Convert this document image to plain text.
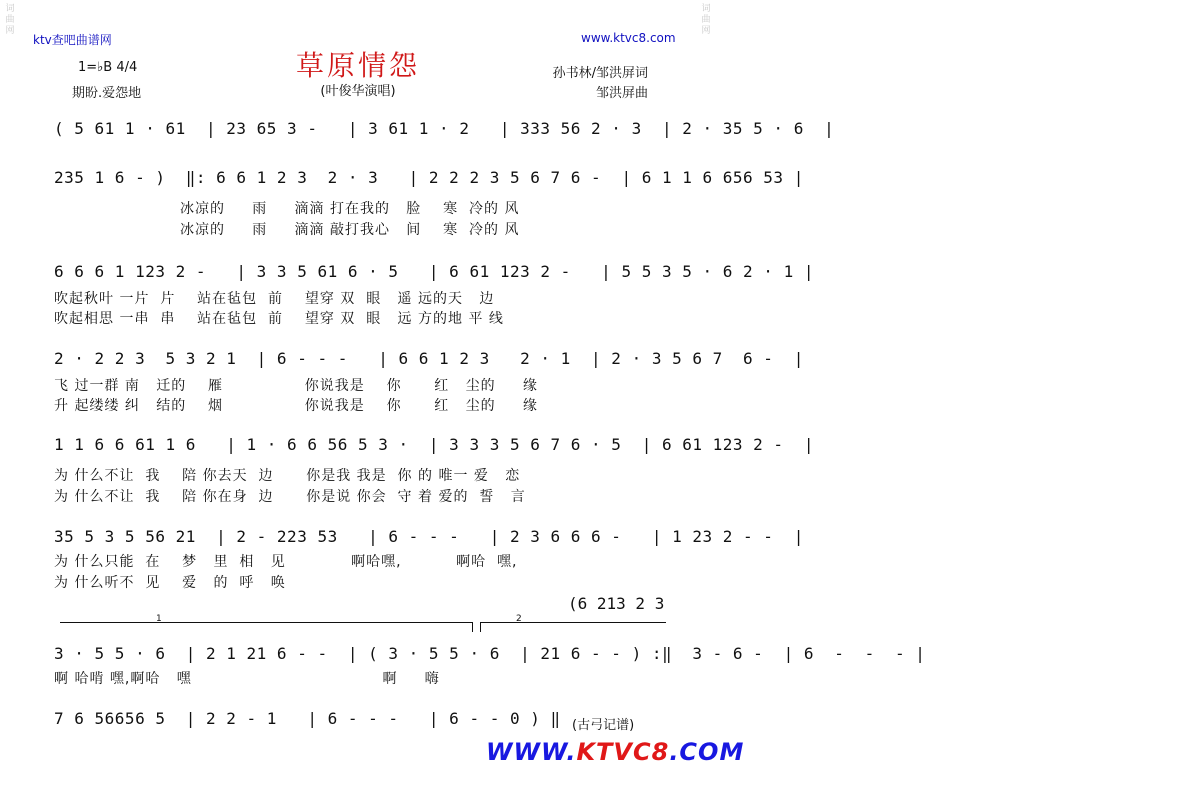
词
曲
网
词
曲
网
ktv查吧曲谱网	www.ktvc8.com
草原情怨
(叶俊华演唱)
1=♭B 4/4
期盼.爱怨地
孙书林/邹洪屏词
邹洪屏曲
( 5 61 1 · 61  | 23 65 3 -   | 3 61 1 · 2   | 333 56 2 · 3  | 2 · 35 5 · 6  |
235 1 6 - )  ‖: 6 6 1 2 3  2 · 3   | 2 2 2 3 5 6 7 6 -  | 6 1 1 6 656 53 |
冰凉的     雨     滴滴 打在我的   脸    寒  冷的 风
冰凉的     雨     滴滴 敲打我心   间    寒  冷的 风
6 6 6 1 123 2 -   | 3 3 5 61 6 · 5   | 6 61 123 2 -   | 5 5 3 5 · 6 2 · 1 |
吹起秋叶 一片  片    站在毡包  前    望穿 双  眼   遥 远的天   边
吹起相思 一串  串    站在毡包  前    望穿 双  眼   远 方的地 平 线
2 · 2 2 3  5 3 2 1  | 6 - - -   | 6 6 1 2 3   2 · 1  | 2 · 3 5 6 7  6 -  |
飞 过一群 南   迁的    雁               你说我是    你      红   尘的     缘
升 起缕缕 纠   结的    烟               你说我是    你      红   尘的     缘
1 1 6 6 61 1 6   | 1 · 6 6 56 5 3 ·  | 3 3 3 5 6 7 6 · 5  | 6 61 123 2 -  |
为 什么不让  我    陪 你去天  边      你是我 我是  你 的 唯一 爱   恋
为 什么不让  我    陪 你在身  边      你是说 你会  守 着 爱的  誓   言
35 5 3 5 56 21  | 2 - 223 53   | 6 - - -   | 2 3 6 6 6 -   | 1 23 2 - -  |
为 什么只能  在    梦   里  相   见            啊哈嘿,          啊哈  嘿,
为 什么听不  见    爱   的  呼   唤
(6 213 2 3
1	2
3 · 5 5 · 6  | 2 1 21 6 - -  | ( 3 · 5 5 · 6  | 21 6 - - ) :‖  3 - 6 -  | 6  -  -  - |
啊 哈啃 嘿,啊哈   嘿                                   啊     嗨
7 6 56656 5  | 2 2 - 1   | 6 - - -   | 6 - - 0 ) ‖ (古弓记谱)
WWW.KTVC8.COM
